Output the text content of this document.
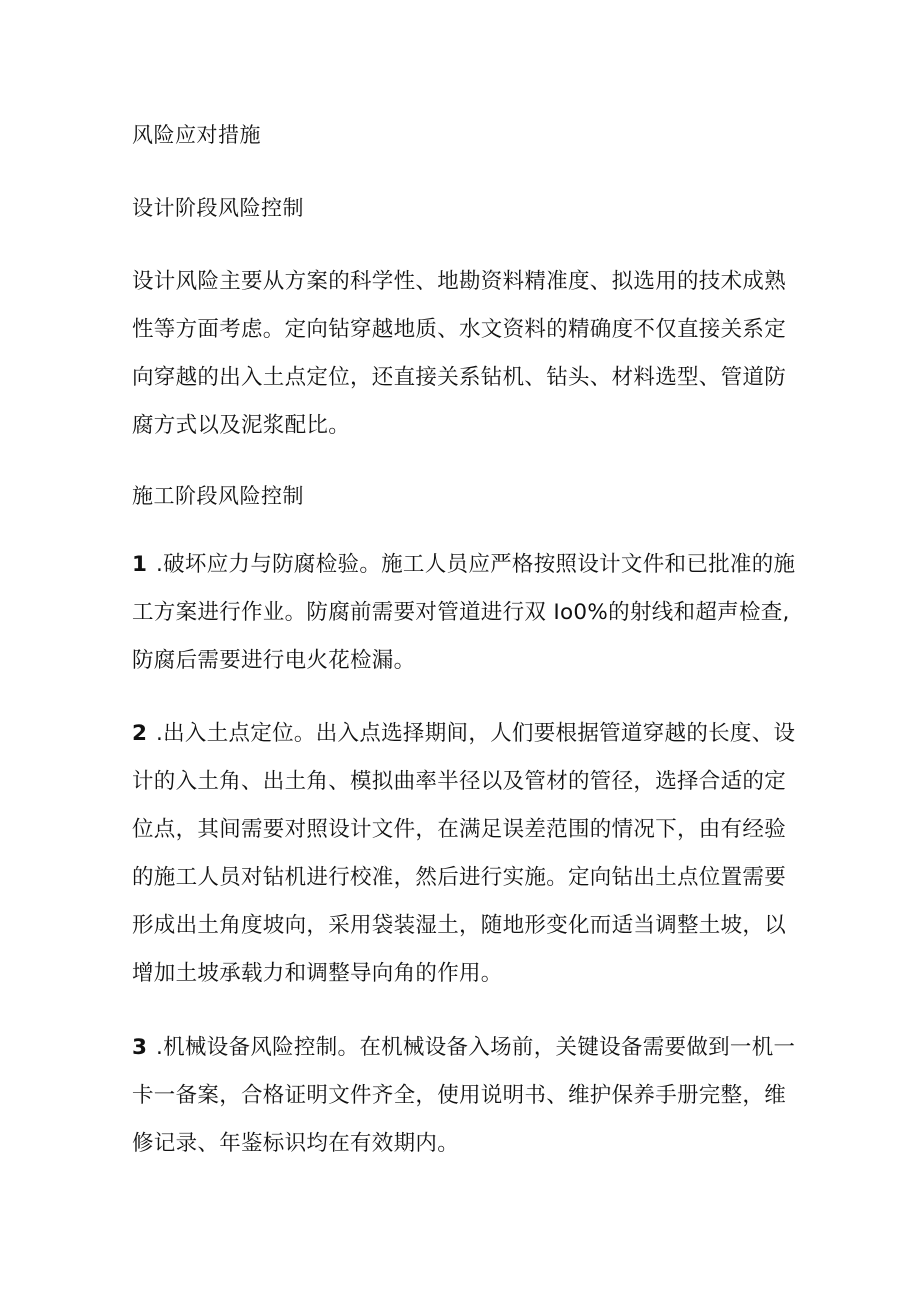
风险应对措施
设计阶段风险控制
设计风险主要从方案的科学性、地勘资料精准度、拟选用的技术成熟
性等方面考虑。定向钻穿越地质、水文资料的精确度不仅直接关系定
向穿越的出入土点定位，还直接关系钻机、钻头、材料选型、管道防
腐方式以及泥浆配比。
施工阶段风险控制
1 .破坏应力与防腐检验。施工人员应严格按照设计文件和已批准的施
工方案进行作业。防腐前需要对管道进行双 Io0%的射线和超声检查,
防腐后需要进行电火花检漏。
2 .出入土点定位。出入点选择期间，人们要根据管道穿越的长度、设
计的入土角、出土角、模拟曲率半径以及管材的管径，选择合适的定
位点，其间需要对照设计文件，在满足误差范围的情况下，由有经验
的施工人员对钻机进行校准，然后进行实施。定向钻出土点位置需要
形成出土角度坡向，采用袋装湿土，随地形变化而适当调整土坡，以
增加土坡承载力和调整导向角的作用。
3 .机械设备风险控制。在机械设备入场前，关键设备需要做到一机一
卡一备案，合格证明文件齐全，使用说明书、维护保养手册完整，维
修记录、年鉴标识均在有效期内。
